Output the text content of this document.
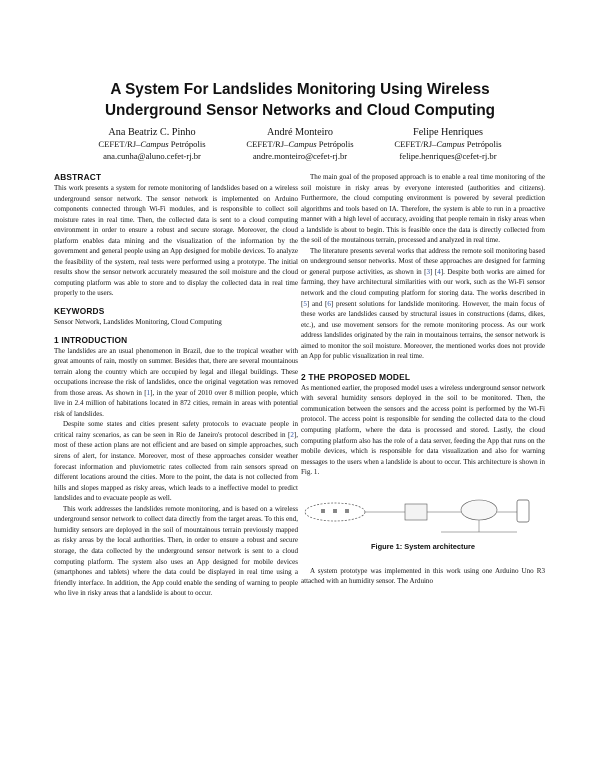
A System For Landslides Monitoring Using Wireless
Underground Sensor Networks and Cloud Computing
Ana Beatriz C. Pinho
CEFET/RJ–Campus Petrópolis
ana.cunha@aluno.cefet-rj.br
André Monteiro
CEFET/RJ–Campus Petrópolis
andre.monteiro@cefet-rj.br
Felipe Henriques
CEFET/RJ–Campus Petrópolis
felipe.henriques@cefet-rj.br
ABSTRACT

This work presents a system for remote monitoring of landslides based on a wireless underground sensor network. The sensor network is implemented on Arduino components connected through Wi-Fi modules, and is responsible to collect soil moisture rates in real time. Then, the collected data is sent to a cloud computing environment in order to ensure a robust and secure storage. Moreover, the cloud platform enables data mining and the visualization of the information by the government and general people using an App designed for mobile devices. To analyze the feasibility of the system, real tests were performed using a prototype. The initial results show the sensor network accurately measured the soil moisture and the cloud computing platform was able to store and to display the collected data in real time properly to the users.

KEYWORDS

Sensor Network, Landslides Monitoring, Cloud Computing

1 INTRODUCTION

The landslides are an usual phenomenon in Brazil, due to the tropical weather with great amounts of rain, mostly on summer. Besides that, there are several mountainous terrain along the country which are occupied by legal and illegal buildings. These occupations increase the risk of landslides, once the original vegetation was removed from those areas. As shown in [1], in the year of 2010 over 8 million people, which live in 2.4 million of habitations located in 872 cities, remain in areas with potential risk of landslides.

Despite some states and cities present safety protocols to evacuate people in critical rainy scenarios, as can be seen in Rio de Janeiro's protocol described in [2], most of these action plans are not efficient and are based on simple approaches, such sirens of alert, for instance. Moreover, most of these approaches consider weather forecast information and pluviometric rates collected from rain sensors spread on different locations around the cities. More to the point, the data is not collected from hills and slopes mapped as risky areas, which leads to a ineffective model to predict landslides and to evacuate people as well.

This work addresses the landslides remote monitoring, and is based on a wireless underground sensor network to collect data directly from the target areas. To this end, humidity sensors are deployed in the soil of mountainous terrain previously mapped as risky areas by the local authorities. Then, in order to ensure a robust and secure storage, the data collected by the underground sensor network is sent to a cloud computing platform. The system also uses an App designed for mobile devices (smartphones and tablets) where the data could be displayed in real time using a friendly interface. In addition, the App could enable the sending of warning to people who live in risky areas that a landslide is about to occur.

The main goal of the proposed approach is to enable a real time monitoring of the soil moisture in risky areas by everyone interested (authorities and citizens). Furthermore, the cloud computing environment is powered by several prediction algorithms and tools based on IA. Therefore, the system is able to run in a proactive manner with a high level of accuracy, avoiding that people remain in risky areas when a landslide is about to begin. This is feasible once the data is directly collected from the soil of the moutainous terrain, processed and analyzed in real time.

The literature presents several works that address the remote soil monitoring based on underground sensor networks. Most of these approaches are designed for farming or general purpose activities, as shown in [3] [4]. Despite both works are aimed for farming, they have architectural similarities with our work, such as the Wi-Fi sensor network and the cloud computing platform for storing data. The works described in [5] and [6] present solutions for landslide monitoring. However, the main focus of these works are landslides caused by structural issues in constructions (dams, dikes, etc.), and use movement sensors for the remote monitoring process. As our work address landslides originated by the rain in moutainous terrains, the sensor network is aimed to monitor the soil moisture. Moreover, the mentioned works does not provide an App for public visualization in real time.

2 THE PROPOSED MODEL

As mentioned earlier, the proposed model uses a wireless underground sensor network with several humidity sensors deployed in the soil to be monitored. Then, the communication between the sensors and the access point is performed by the Wi-Fi protocol. The access point is responsible for sending the collected data to the cloud computing platform, where the data is processed and stored. Lastly, the cloud computing platform also has the role of a data server, feeding the App that runs on the mobile devices, which is responsible for data visualization and also for warning messages to the users when a landslide is about to occur. This architecture is shown in Fig. 1.

Figure 1: System architecture

A system prototype was implemented in this work using one Arduino Uno R3 attached with an humidity sensor. The Arduino
